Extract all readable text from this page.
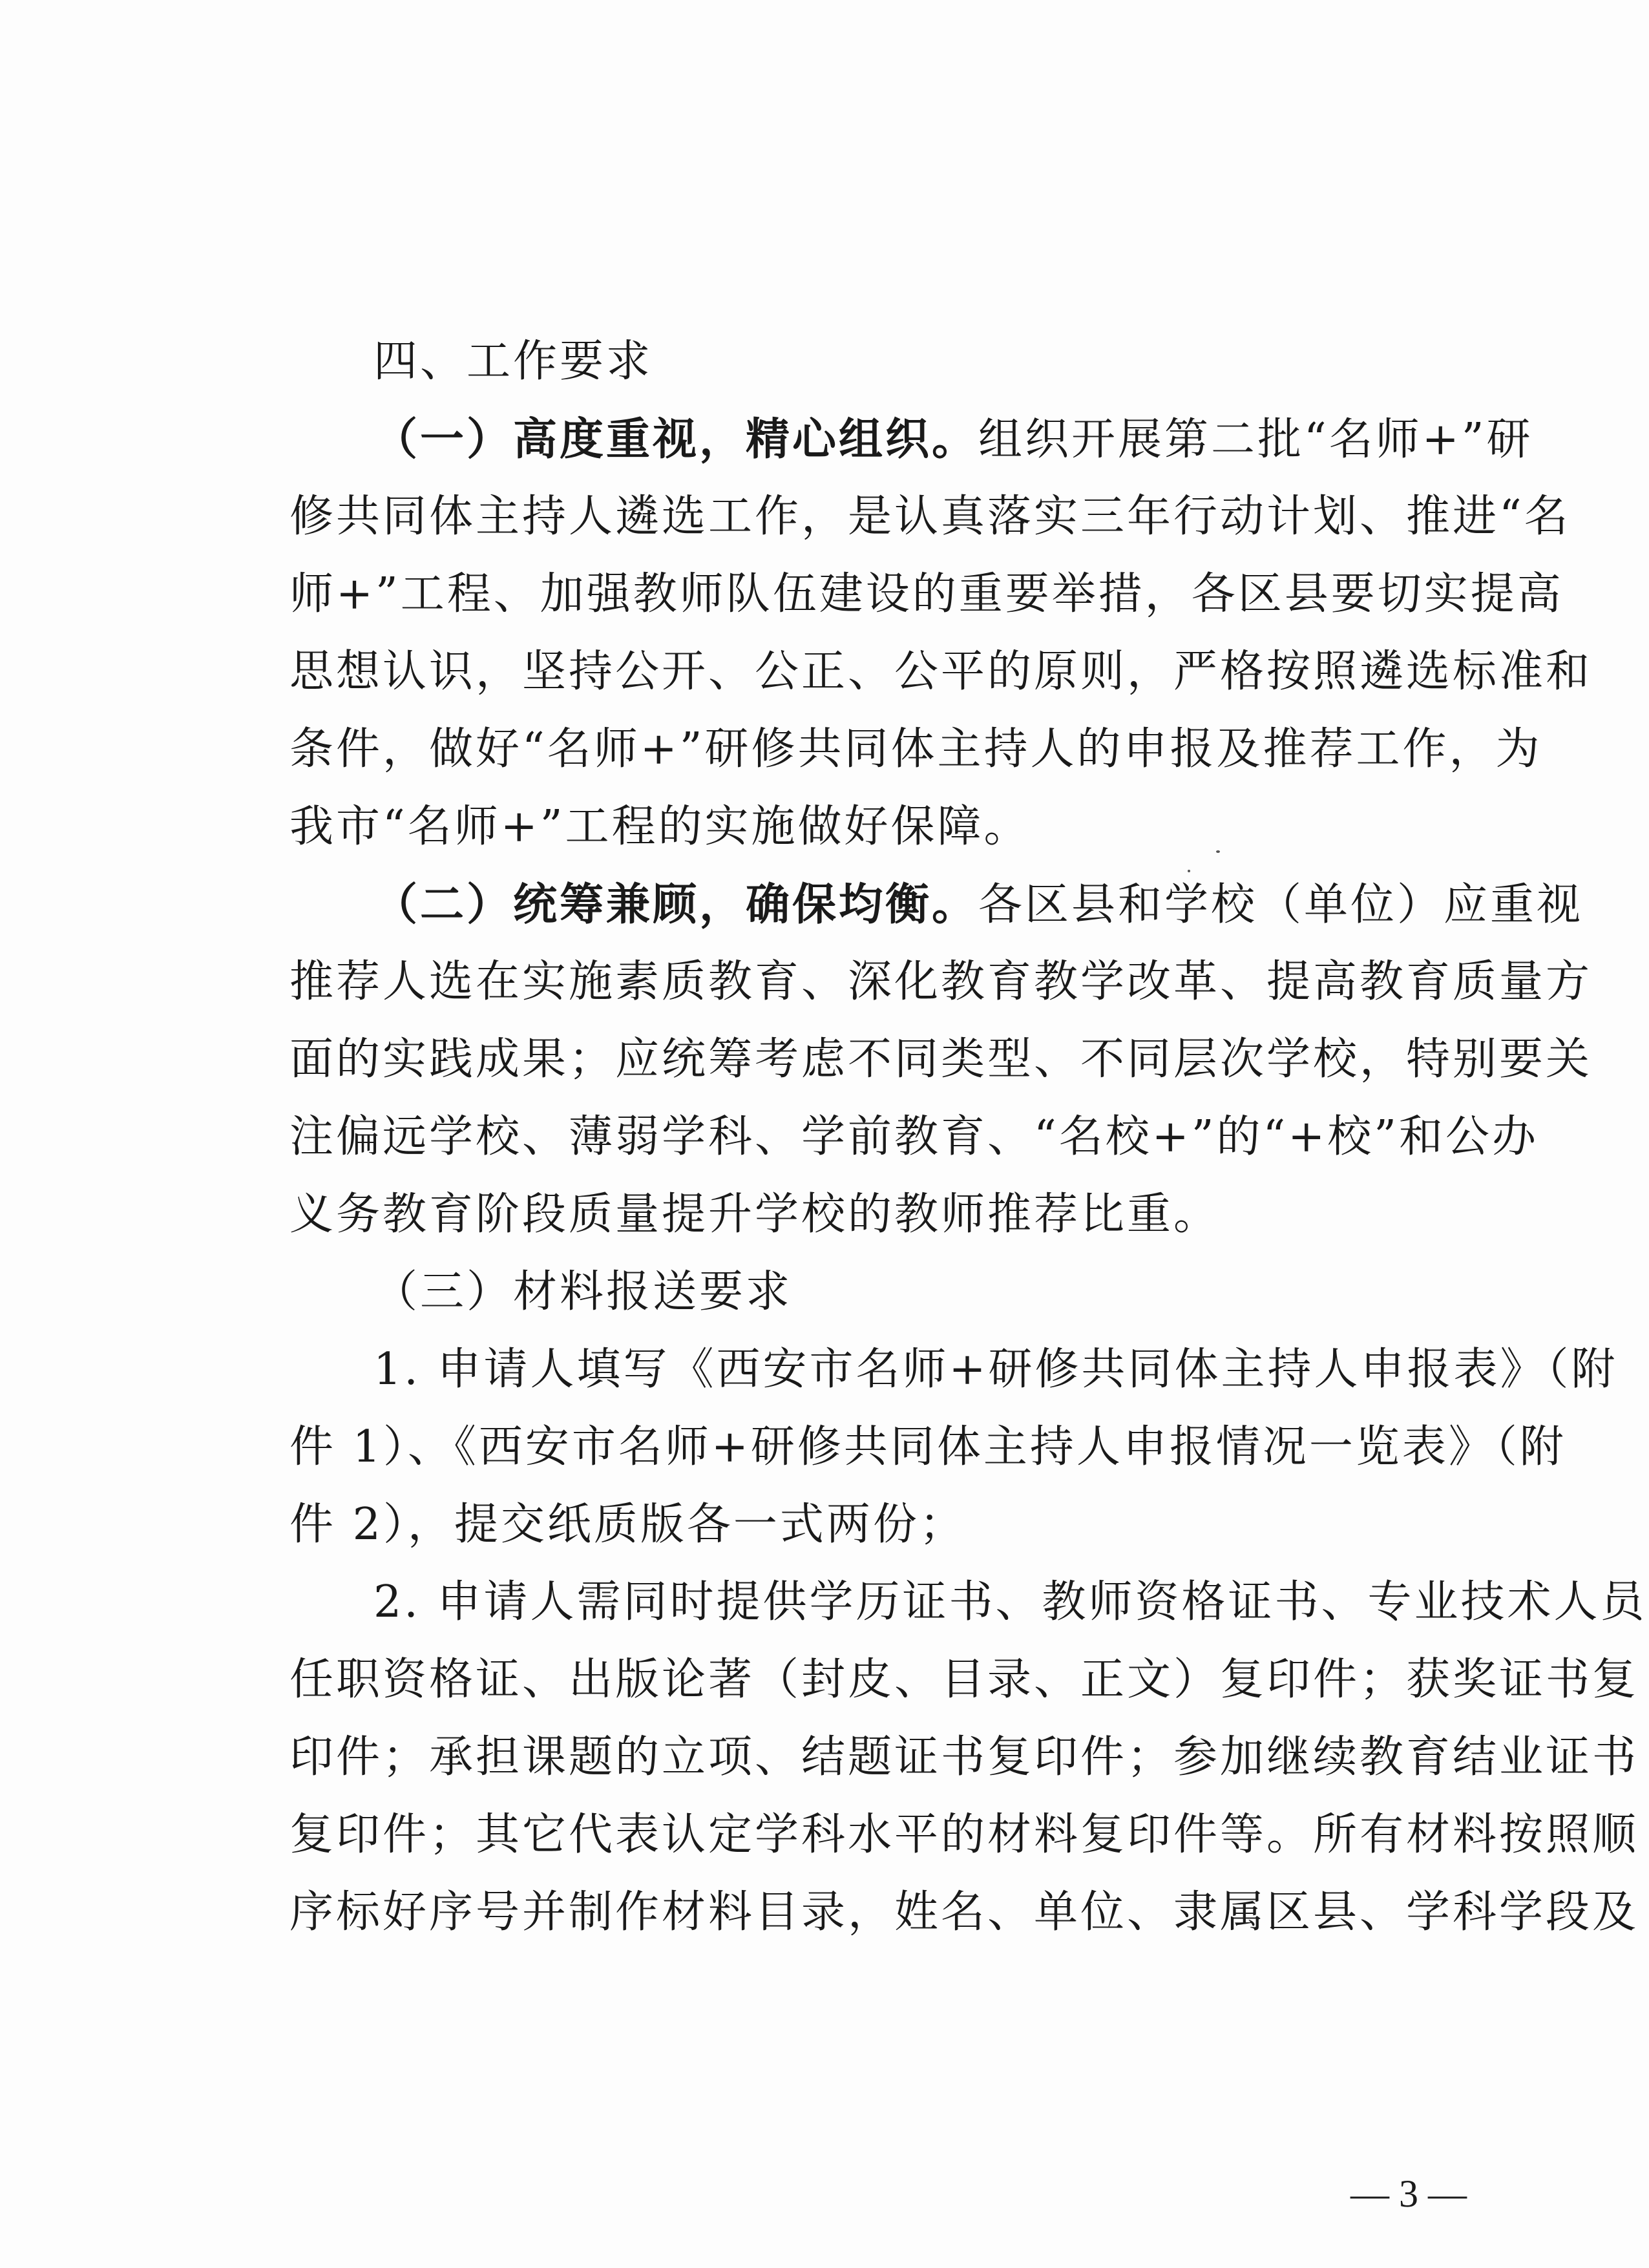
四、工作要求
（一）高度重视，精心组织。组织开展第二批“名师+”研
修共同体主持人遴选工作，是认真落实三年行动计划、推进“名
师+”工程、加强教师队伍建设的重要举措，各区县要切实提高
思想认识，坚持公开、公正、公平的原则，严格按照遴选标准和
条件，做好“名师+”研修共同体主持人的申报及推荐工作，为
我市“名师+”工程的实施做好保障。
（二）统筹兼顾，确保均衡。各区县和学校（单位）应重视
推荐人选在实施素质教育、深化教育教学改革、提高教育质量方
面的实践成果；应统筹考虑不同类型、不同层次学校，特别要关
注偏远学校、薄弱学科、学前教育、“名校+”的“+校”和公办
义务教育阶段质量提升学校的教师推荐比重。
（三）材料报送要求
1. 申请人填写《西安市名师+研修共同体主持人申报表》（附
件 1）、《西安市名师+研修共同体主持人申报情况一览表》（附
件 2），提交纸质版各一式两份；
2. 申请人需同时提供学历证书、教师资格证书、专业技术人员
任职资格证、出版论著（封皮、目录、正文）复印件；获奖证书复
印件；承担课题的立项、结题证书复印件；参加继续教育结业证书
复印件；其它代表认定学科水平的材料复印件等。所有材料按照顺
序标好序号并制作材料目录，姓名、单位、隶属区县、学科学段及
— 3 —
